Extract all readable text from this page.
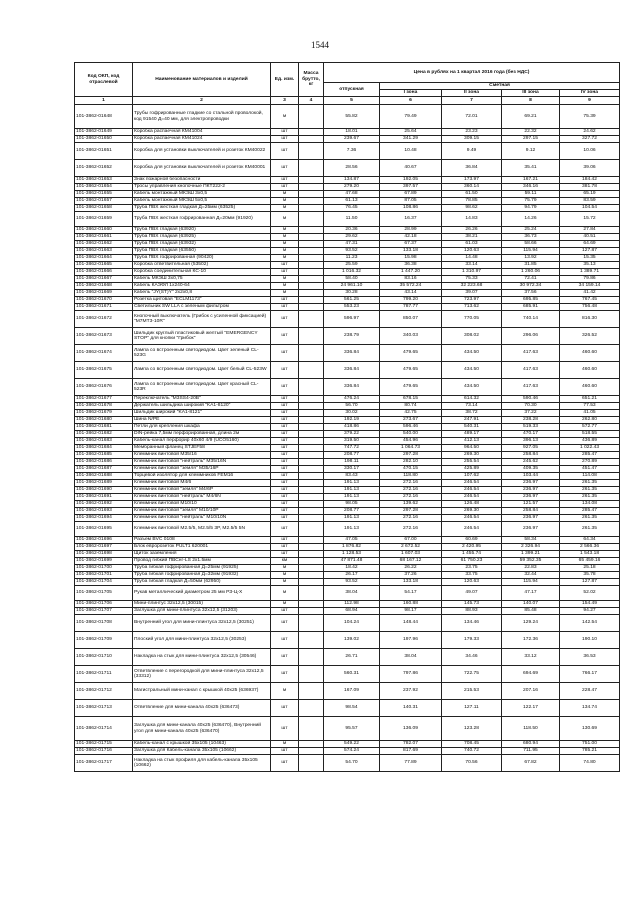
1544
Код ОКП, код отраслевой	Наименование материалов и изделий	Ед. изм.	Масса брутто, кг	Цена в рублях на 1 квартал 2016 года (без НДС)				
				отпускная	Сметная			
					I зона	II зона	III зона	IV зона
1	2	3	4	5	6	7	8	9
101-3862-01648	Трубы гофрированные гладкие со стальной проволокой, код 91540 Д=40 мм, для электропроводки	м		55.82	79.49	72.01	69.21	75.39
101-3862-01649	Коробка распаечная КМ41004	шт		18.01	25.64	23.23	22.32	24.62
101-3862-01650	Коробка распаечная КМ41024	шт		239.67	341.29	309.15	297.15	327.72
101-3862-01651	Коробка для установки выключателей и розеток КМ40022	шт		7.36	10.48	9.49	9.12	10.06
101-3862-01652	Коробка для установки выключателей и розеток КМ40001	шт		28.56	40.67	36.84	35.41	39.06
101-3862-01653	Знак пожарной безопасности	шт		134.87	192.05	173.97	167.21	184.42
101-3862-01654	Тросы управления кнопочные ПКТ222-2	шт		279.20	397.57	360.14	346.16	381.78
101-3862-01655	Кабель монтажный МКЭШ 3х0,5	м		47.68	67.89	61.50	59.11	65.19
101-3862-01657	Кабель монтажный МКЭШ 5х0,5	м		61.13	87.05	78.85	75.79	83.59
101-3862-01658	Труба ПВХ жесткая гладкая Д=25мм (63525)	м		76.45	108.86	98.62	94.79	104.54
101-3862-01659	Труба ПВХ жесткая гофрированная Д=20мм (91920)	м		11.50	16.37	14.83	14.26	15.72
101-3862-01660	Труба ПВХ гладкая (63920)	м		20.36	28.99	26.26	25.24	27.84
101-3862-01661	Труба ПВХ гладкая (63925)	м		29.62	42.18	38.21	36.73	40.51
101-3862-01662	Труба ПВХ гладкая (63932)	м		47.31	67.37	61.03	58.66	64.69
101-3862-01663	Труба ПВХ гладкая (63550)	м		93.52	133.18	120.63	115.94	127.87
101-3862-01664	Труба ПВХ гофрированная (90420)	м		11.23	15.98	14.48	13.92	15.35
101-3862-01665	Коробка ответвительная (53502)	шт		25.59	36.38	33.14	31.85	35.13
101-3862-01666	Коробка соединительная КС-10	шт		1 016.32	1 447.20	1 310.97	1 260.06	1 389.71
101-3862-01667	Кабель МКЭШ 3х0,75	м		58.40	83.16	75.33	72.41	79.86
101-3862-01668	Кабель КАЭФЛ 1х240-64	м		24 961.10	35 572.24	32 223.68	30 972.34	34 159.14
101-3862-01669	Кабель "JY(ST)Y" 2х2х0,8	м		30.28	43.14	39.07	37.56	41.42
101-3862-01670	Розетка щитовая "ECLM1173"	шт		561.25	799.20	723.97	695.85	767.45
101-3862-01671	Светильник SW LLA с зеленым фильтром	шт		553.23	787.77	713.62	685.91	756.48
101-3862-01672	Кнопочный выключатель (Грибок с усиленной фиксацией) "M7MT3-10R"	шт		596.97	850.07	770.05	740.14	816.30
101-3862-01673	Шильдик круглый пластиковый желтый "EMERGENCY STOP" для кнопки "Грибок"	шт		238.79	340.03	308.02	296.06	326.52
101-3862-01674	Лампа со встроенным светодиодом. Цвет зеленый CL-523G	шт		336.84	479.65	434.50	417.63	460.60
101-3862-01675	Лампа со встроенным светодиодом. Цвет белый CL-523W	шт		336.84	479.65	434.50	417.63	460.60
101-3862-01676	Лампа со встроенным светодиодом. Цвет красный CL-523R	шт		336.84	479.65	434.50	417.63	460.60
101-3862-01677	Переключатель "M3SS4-20B"	шт		476.24	678.15	614.32	590.46	651.21
101-3862-01678	Держатель шильдика широкий "KA1-8120"	шт		56.70	80.74	73.14	70.30	77.53
101-3862-01679	Шильдик широкий "KA1-8121"	шт		30.02	42.75	38.72	37.22	41.05
101-3862-01680	Шина N/PE	шт		192.19	273.67	247.91	238.28	262.80
101-3862-01681	Петли для крепления шкафа	шт		418.86	596.46	540.31	519.33	572.77
101-3862-01682	DIN-рейка 7,5мм перфорированная, длина 2м	шт		379.22	540.00	489.17	470.17	518.55
101-3862-01683	Кабель-канал перфорир 40х60 4/9 (UCO5160)	шт		319.50	454.96	412.13	396.13	436.89
101-3862-01684	Мембранный фланец STJEF58	шт		747.72	1 064.73	964.50	927.05	1 022.43
101-3862-01685	Клеммник винтовой M35/16	шт		208.77	297.28	269.30	258.84	285.47
101-3862-01686	Клеммник винтовой "нейтраль" M35/16N	шт		198.11	282.10	255.54	245.62	270.89
101-3862-01687	Клеммник винтовой "земля" M35/16P	шт		330.17	470.15	425.89	409.35	451.47
101-3862-01688	Торцевой изолятор для клеммников FEM16	шт		83.43	118.80	107.62	103.44	114.08
101-3862-01689	Клеммник винтовой M4/6	шт		191.13	272.16	246.54	236.97	261.35
101-3862-01690	Клеммник винтовой "земля" M4/6P	шт		191.13	272.16	246.54	236.97	261.35
101-3862-01691	Клеммник винтовой "нейтраль" M4/6N	шт		191.13	272.16	246.54	236.97	261.35
101-3862-01692	Клеммник винтовой M10/10	шт		98.05	139.62	126.48	121.57	134.08
101-3862-01693	Клеммник винтовой "земля" M10/10P	шт		208.77	297.28	269.30	258.84	285.47
101-3862-01694	Клеммник винтовой "нейтраль" M10/10N	шт		191.13	272.16	246.54	236.97	261.35
101-3862-01695	Клеммник винтовой M2.5/5, M2.5/5 3P, M2.5/5 5N	шт		191.13	272.16	246.54	236.97	261.35
101-3862-01696	Разъем BVC 0108	шт		47.05	67.00	60.69	58.34	64.34
101-3862-01697	Блок евророзеток PULT1 620001	шт		1 876.82	2 672.52	2 420.95	2 326.94	2 566.36
101-3862-01698	Щиток заземления	шт		1 128.53	1 607.03	1 455.74	1 399.21	1 543.18
101-3862-01699	Провод гибкий ПВСнг-LS 2х1.5мм	км		47 871.48	68 167.12	61 750.23	59 352.35	65 459.16
101-3862-01700	Труба гибкая гофрированная Д=25мм (91925)	м		18.42	26.22	23.75	22.83	25.18
101-3862-01701	Труба гибкая гофрированная Д=32мм (91932)	м		26.17	37.26	33.75	32.44	35.78
101-3862-01704	Труба гибкая гладкая Д=50мм (62950)	м		93.52	133.18	120.63	115.94	127.87
101-3862-01705	Рукав металлический диаметром 25 мм РЗ-Ц-Х	м		38.04	54.17	49.07	47.17	52.02
101-3862-01706	Мини-плинтус 32х12,5 (30015)	м		112.98	160.88	145.73	140.07	154.49
101-3862-01707	Заглушка для мини-плинтуса 32х12,5 (31203)	шт		68.94	98.17	88.93	85.48	94.27
101-3862-01708	Внутренний угол для мини-плинтуса 32х12,5 (30251)	шт		104.24	148.44	134.46	129.24	142.54
101-3862-01709	Плоский угол для мини-плинтуса 32х12,5 (30253)	шт		139.02	197.96	179.33	172.36	190.10
101-3862-01710	Накладка на стык для мини-плинтуса 32х12,5 (30546)	шт		26.71	38.04	34.46	33.12	36.53
101-3862-01711	Ответвление с перегородкой для мини-плинтуса 32х12,5 (33312)	шт		560.31	797.86	722.75	694.69	766.17
101-3862-01712	Магистральный мини-канал с крышкой 40х25 (636937)	м		167.09	237.92	215.53	207.16	228.47
101-3862-01713	Ответвление для мини-канала 40х25 (636473)	шт		98.54	140.31	127.11	122.17	134.74
101-3862-01714	Заглушка для мини-канала 40х25 (636470), Внутренний угол для мини-канала 40х25 (636470)	шт		95.57	136.09	123.28	118.50	130.69
101-3862-01715	Кабель-канал с крышкой 35х105 (10463)	м		549.22	782.07	708.45	680.94	751.00
101-3862-01716	Заглушка для Кабель-канала 35х105 (10662)	шт		574.24	817.69	740.72	711.95	785.21
101-3862-01717	Накладка на стык профиля для кабель-канала 35х105 (10662)	шт		54.70	77.89	70.56	67.82	74.80
